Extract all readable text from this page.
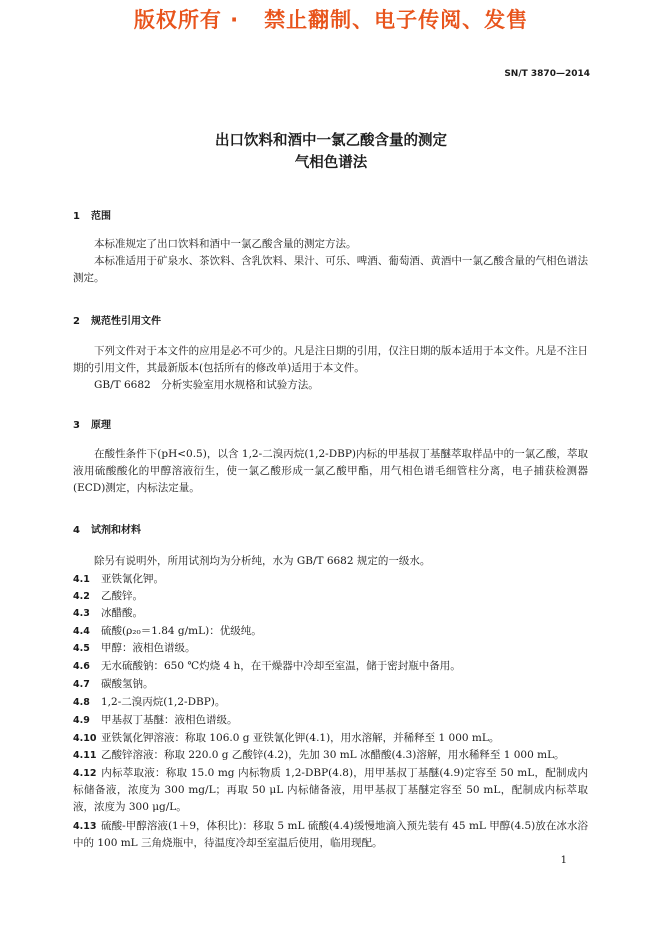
版权所有 ·   禁止翻制、电子传阅、发售
SN/T 3870—2014
出口饮料和酒中一氯乙酸含量的测定
气相色谱法
1 范围
本标准规定了出口饮料和酒中一氯乙酸含量的测定方法。
本标准适用于矿泉水、茶饮料、含乳饮料、果汁、可乐、啤酒、葡萄酒、黄酒中一氯乙酸含量的气相色谱法测定。
2 规范性引用文件
下列文件对于本文件的应用是必不可少的。凡是注日期的引用，仅注日期的版本适用于本文件。凡是不注日期的引用文件，其最新版本(包括所有的修改单)适用于本文件。
GB/T 6682　分析实验室用水规格和试验方法。
3 原理
在酸性条件下(pH<0.5)，以含 1,2-二溴丙烷(1,2-DBP)内标的甲基叔丁基醚萃取样品中的一氯乙酸，萃取液用硫酸酸化的甲醇溶液衍生，使一氯乙酸形成一氯乙酸甲酯，用气相色谱毛细管柱分离，电子捕获检测器(ECD)测定，内标法定量。
4 试剂和材料
除另有说明外，所用试剂均为分析纯，水为 GB/T 6682 规定的一级水。
4.1 亚铁氰化钾。
4.2 乙酸锌。
4.3 冰醋酸。
4.4 硫酸(ρ₂₀＝1.84 g/mL)：优级纯。
4.5 甲醇：液相色谱级。
4.6 无水硫酸钠：650 ℃灼烧 4 h，在干燥器中冷却至室温，储于密封瓶中备用。
4.7 碳酸氢钠。
4.8 1,2-二溴丙烷(1,2-DBP)。
4.9 甲基叔丁基醚：液相色谱级。
4.10 亚铁氰化钾溶液：称取 106.0 g 亚铁氰化钾(4.1)，用水溶解，并稀释至 1 000 mL。
4.11 乙酸锌溶液：称取 220.0 g 乙酸锌(4.2)，先加 30 mL 冰醋酸(4.3)溶解，用水稀释至 1 000 mL。
4.12 内标萃取液：称取 15.0 mg 内标物质 1,2-DBP(4.8)，用甲基叔丁基醚(4.9)定容至 50 mL，配制成内标储备液，浓度为 300 mg/L；再取 50 μL 内标储备液，用甲基叔丁基醚定容至 50 mL，配制成内标萃取液，浓度为 300 μg/L。
4.13 硫酸-甲醇溶液(1＋9，体积比)：移取 5 mL 硫酸(4.4)缓慢地滴入预先装有 45 mL 甲醇(4.5)放在冰水浴中的 100 mL 三角烧瓶中，待温度冷却至室温后使用，临用现配。
1
